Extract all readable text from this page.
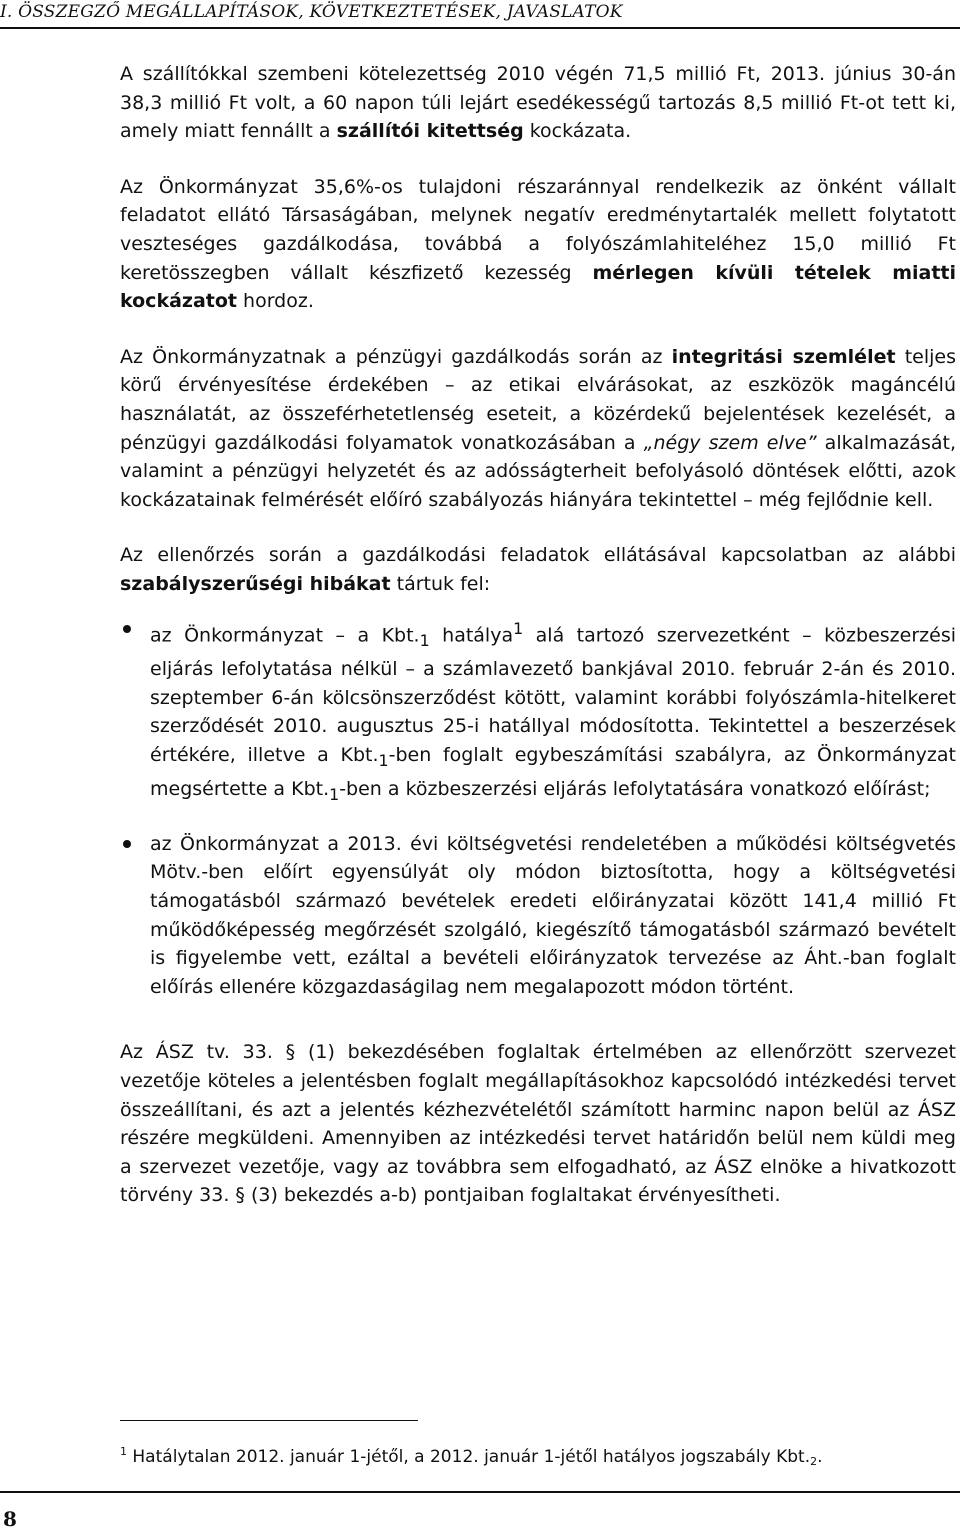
I. ÖSSZEGZŐ MEGÁLLAPÍTÁSOK, KÖVETKEZTETÉSEK, JAVASLATOK

A szállítókkal szembeni kötelezettség 2010 végén 71,5 millió Ft, 2013. június 30-án 38,3 millió Ft volt, a 60 napon túli lejárt esedékességű tartozás 8,5 millió Ft-ot tett ki, amely miatt fennállt a szállítói kitettség kockázata.

Az Önkormányzat 35,6%-os tulajdoni részaránnyal rendelkezik az önként vállalt feladatot ellátó Társaságában, melynek negatív eredménytartalék mellett folytatott veszteséges gazdálkodása, továbbá a folyószámlahiteléhez 15,0 millió Ft keretösszegben vállalt készfizető kezesség mérlegen kívüli tételek miatti kockázatot hordoz.

Az Önkormányzatnak a pénzügyi gazdálkodás során az integritási szemlélet teljes körű érvényesítése érdekében – az etikai elvárásokat, az eszközök magáncélú használatát, az összeférhetetlenség eseteit, a közérdekű bejelentések kezelését, a pénzügyi gazdálkodási folyamatok vonatkozásában a „négy szem elve” alkalmazását, valamint a pénzügyi helyzetét és az adósságterheit befolyásoló döntések előtti, azok kockázatainak felmérését előíró szabályozás hiányára tekintettel – még fejlődnie kell.

Az ellenőrzés során a gazdálkodási feladatok ellátásával kapcsolatban az alábbi szabályszerűségi hibákat tártuk fel:

az Önkormányzat – a $Kbt._1$ hatálya$^1$ alá tartozó szervezetként – közbeszerzési eljárás lefolytatása nélkül – a számlavezető bankjával 2010. február 2-án és 2010. szeptember 6-án kölcsönszerződést kötött, valamint korábbi folyószámla-hitelkeret szerződését 2010. augusztus 25-i hatállyal módosította. Tekintettel a beszerzések értékére, illetve a $Kbt._1$-ben foglalt egybeszámítási szabályra, az Önkormányzat megsértette a $Kbt._1$-ben a közbeszerzési eljárás lefolytatására vonatkozó előírást;
az Önkormányzat a 2013. évi költségvetési rendeletében a működési költségvetés Mötv.-ben előírt egyensúlyát oly módon biztosította, hogy a költségvetési támogatásból származó bevételek eredeti előirányzatai között 141,4 millió Ft működőképesség megőrzését szolgáló, kiegészítő támogatásból származó bevételt is figyelembe vett, ezáltal a bevételi előirányzatok tervezése az Áht.-ban foglalt előírás ellenére közgazdaságilag nem megalapozott módon történt.

Az ÁSZ tv. 33. § (1) bekezdésében foglaltak értelmében az ellenőrzött szervezet vezetője köteles a jelentésben foglalt megállapításokhoz kapcsolódó intézkedési tervet összeállítani, és azt a jelentés kézhezvételétől számított harminc napon belül az ÁSZ részére megküldeni. Amennyiben az intézkedési tervet határidőn belül nem küldi meg a szervezet vezetője, vagy az továbbra sem elfogadható, az ÁSZ elnöke a hivatkozott törvény 33. § (3) bekezdés a-b) pontjaiban foglaltakat érvényesítheti.

$^1$ Hatálytalan 2012. január 1-jétől, a 2012. január 1-jétől hatályos jogszabály $Kbt._2$.
8
